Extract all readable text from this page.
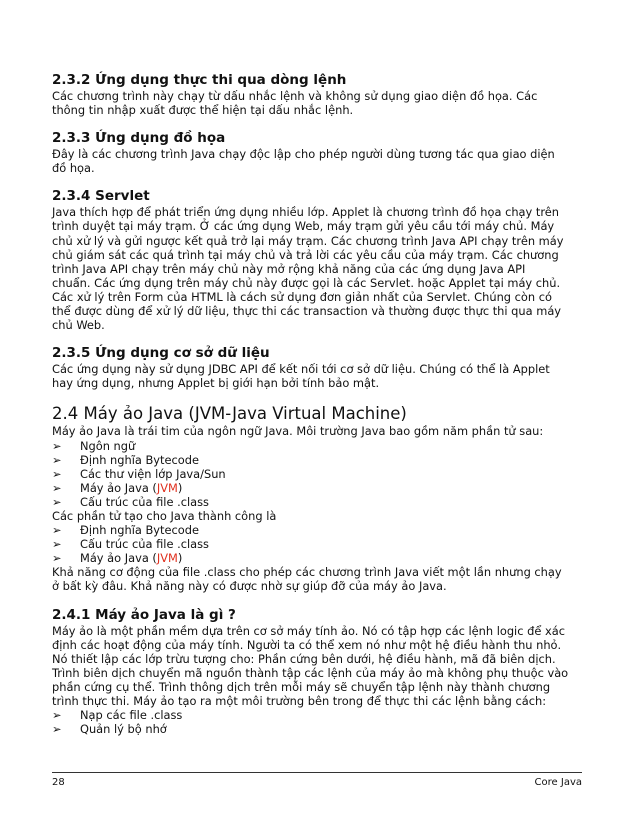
2.3.2 Ứng dụng thực thi qua dòng lệnh

Các chương trình này chạy từ dấu nhắc lệnh và không sử dụng giao diện đồ họa. Các

thông tin nhập xuất được thể hiện tại dấu nhắc lệnh.

2.3.3 Ứng dụng đồ họa

Đây là các chương trình Java chạy độc lập cho phép người dùng tương tác qua giao diện

đồ họa.

2.3.4 Servlet

Java thích hợp để phát triển ứng dụng nhiều lớp. Applet là chương trình đồ họa chạy trên

trình duyệt tại máy trạm. Ở các ứng dụng Web, máy trạm gửi yêu cầu tới máy chủ. Máy

chủ xử lý và gửi ngược kết quả trở lại máy trạm. Các chương trình Java API chạy trên máy

chủ giám sát các quá trình tại máy chủ và trả lời các yêu cầu của máy trạm. Các chương

trình Java API chạy trên máy chủ này mở rộng khả năng của các ứng dụng Java API

chuẩn. Các ứng dụng trên máy chủ này được gọi là các Servlet. hoặc Applet tại máy chủ.

Các xử lý trên Form của HTML là cách sử dụng đơn giản nhất của Servlet. Chúng còn có

thể được dùng để xử lý dữ liệu, thực thi các transaction và thường được thực thi qua máy

chủ Web.

2.3.5 Ứng dụng cơ sở dữ liệu

Các ứng dụng này sử dụng JDBC API để kết nối tới cơ sở dữ liệu. Chúng có thể là Applet

hay ứng dụng, nhưng Applet bị giới hạn bởi tính bảo mật.

2.4 Máy ảo Java (JVM-Java Virtual Machine)

Máy ảo Java là trái tim của ngôn ngữ Java. Môi trường Java bao gồm năm phần tử sau:

➢	Ngôn ngữ
➢	Định nghĩa Bytecode
➢	Các thư viện lớp Java/Sun
➢	Máy ảo Java (JVM)
➢	Cấu trúc của file .class

Các phần tử tạo cho Java thành công là

➢	Định nghĩa Bytecode
➢	Cấu trúc của file .class
➢	Máy ảo Java (JVM)

Khả năng cơ động của file .class cho phép các chương trình Java viết một lần nhưng chạy

ở bất kỳ đâu. Khả năng này có được nhờ sự giúp đỡ của máy ảo Java.

2.4.1 Máy ảo Java là gì ?

Máy ảo là một phần mềm dựa trên cơ sở máy tính ảo. Nó có tập hợp các lệnh logic để xác

định các hoạt động của máy tính. Người ta có thể xem nó như một hệ điều hành thu nhỏ.

Nó thiết lập các lớp trừu tượng cho: Phần cứng bên dưới, hệ điều hành, mã đã biên dịch.

Trình biên dịch chuyển mã nguồn thành tập các lệnh của máy ảo mà không phụ thuộc vào

phần cứng cụ thể. Trình thông dịch trên mỗi máy sẽ chuyển tập lệnh này thành chương

trình thực thi. Máy ảo tạo ra một môi trường bên trong để thực thi các lệnh bằng cách:

➢	Nạp các file .class
➢	Quản lý bộ nhớ
28	Core Java
